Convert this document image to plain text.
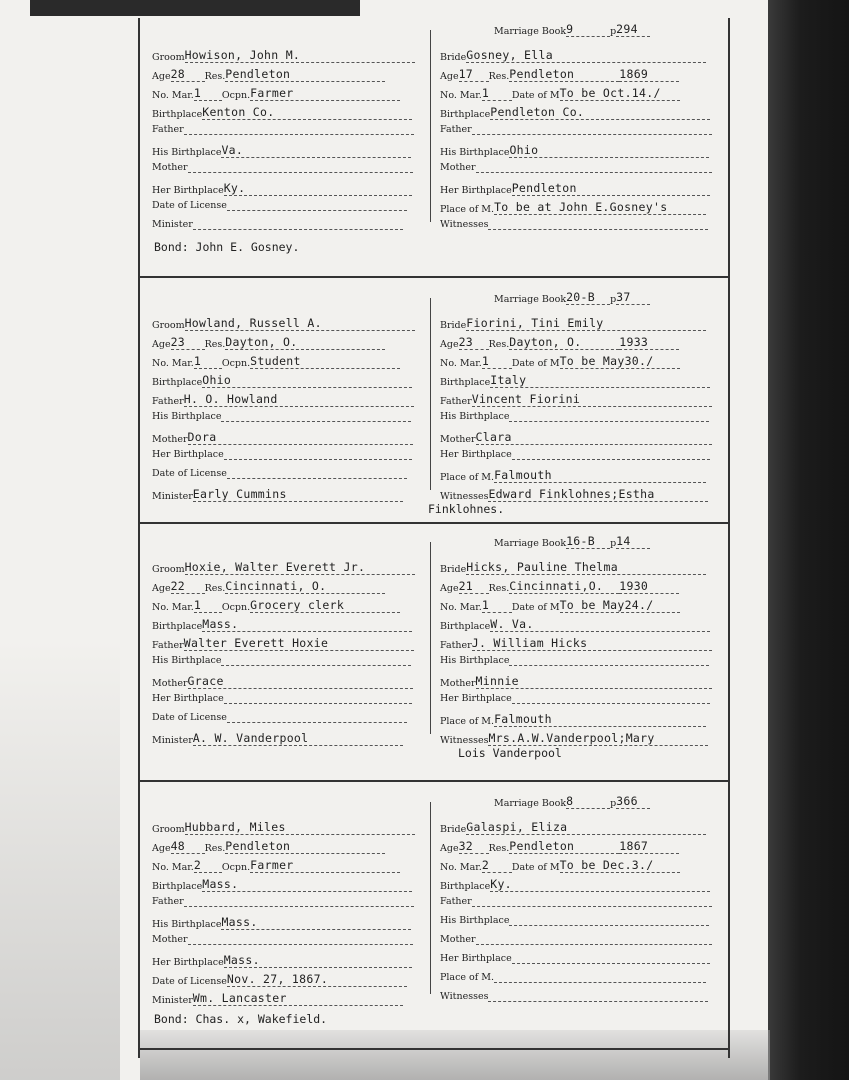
Marriage Book9	p294
GroomHowison, John M.
Age28 Res.Pendleton
No. Mar.1 Ocpn.Farmer
BirthplaceKenton Co.
Father
His BirthplaceVa.
Mother
Her BirthplaceKy.
Date of License
Minister
BrideGosney, Ella
Age17 Res.Pendleton	1869
No. Mar.1 Date of MTo be Oct.14./
BirthplacePendleton Co.
Father
His BirthplaceOhio
Mother
Her BirthplacePendleton
Place of M.To be at John E.Gosney's
Witnesses
Bond: John E. Gosney.
Marriage Book20-B p37
GroomHowland, Russell A.
Age23 Res.Dayton, O.
No. Mar.1 Ocpn.Student
BirthplaceOhio
FatherH. O. Howland
His Birthplace
MotherDora
Her Birthplace
Date of License
MinisterEarly Cummins
BrideFiorini, Tini Emily
Age23 Res.Dayton, O.	1933
No. Mar.1 Date of MTo be May30./
BirthplaceItaly
FatherVincent Fiorini
His Birthplace
MotherClara
Her Birthplace
Place of M.Falmouth
WitnessesEdward Finklohnes;Estha
Finklohnes.
Marriage Book16-B p14
GroomHoxie, Walter Everett Jr.
Age22 Res.Cincinnati, O.
No. Mar.1 Ocpn.Grocery clerk
BirthplaceMass.
FatherWalter Everett Hoxie
His Birthplace
MotherGrace
Her Birthplace
Date of License
MinisterA. W. Vanderpool
BrideHicks, Pauline Thelma
Age21 Res.Cincinnati,O. 1930
No. Mar.1 Date of MTo be May24./
BirthplaceW. Va.
FatherJ. William Hicks
His Birthplace
MotherMinnie
Her Birthplace
Place of M.Falmouth
WitnessesMrs.A.W.Vanderpool;Mary
Lois Vanderpool
Marriage Book8	p366
GroomHubbard, Miles
Age48 Res.Pendleton
No. Mar.2 Ocpn.Farmer
BirthplaceMass.
Father
His BirthplaceMass.
Mother
Her BirthplaceMass.
Date of LicenseNov. 27, 1867.
MinisterWm. Lancaster
BrideGalaspi, Eliza
Age32 Res.Pendleton	1867
No. Mar.2 Date of MTo be Dec.3./
BirthplaceKy.
Father
His Birthplace
Mother
Her Birthplace
Place of M.
Witnesses
Bond: Chas. x, Wakefield.
